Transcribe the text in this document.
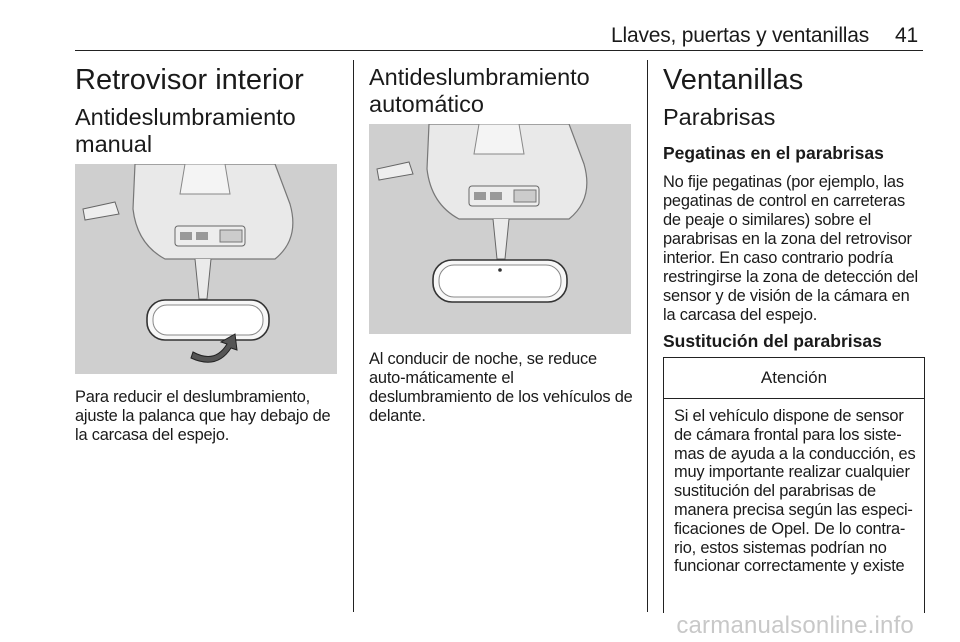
Llaves, puertas y ventanillas 41
Retrovisor interior
Antideslumbramiento manual
Para reducir el deslumbramiento, ajuste la palanca que hay debajo de la carcasa del espejo.
Antideslumbramiento automático
Al conducir de noche, se reduce auto-máticamente el deslumbramiento de los vehículos de delante.
Ventanillas
Parabrisas
Pegatinas en el parabrisas
No fije pegatinas (por ejemplo, las pegatinas de control en carreteras de peaje o similares) sobre el parabrisas en la zona del retrovisor interior. En caso contrario podría restringirse la zona de detección del sensor y de visión de la cámara en la carcasa del espejo.
Sustitución del parabrisas
Atención
Si el vehículo dispone de sensor de cámara frontal para los siste-mas de ayuda a la conducción, es muy importante realizar cualquier sustitución del parabrisas de manera precisa según las especi-ficaciones de Opel. De lo contra-rio, estos sistemas podrían no funcionar correctamente y existe
carmanualsonline.info
